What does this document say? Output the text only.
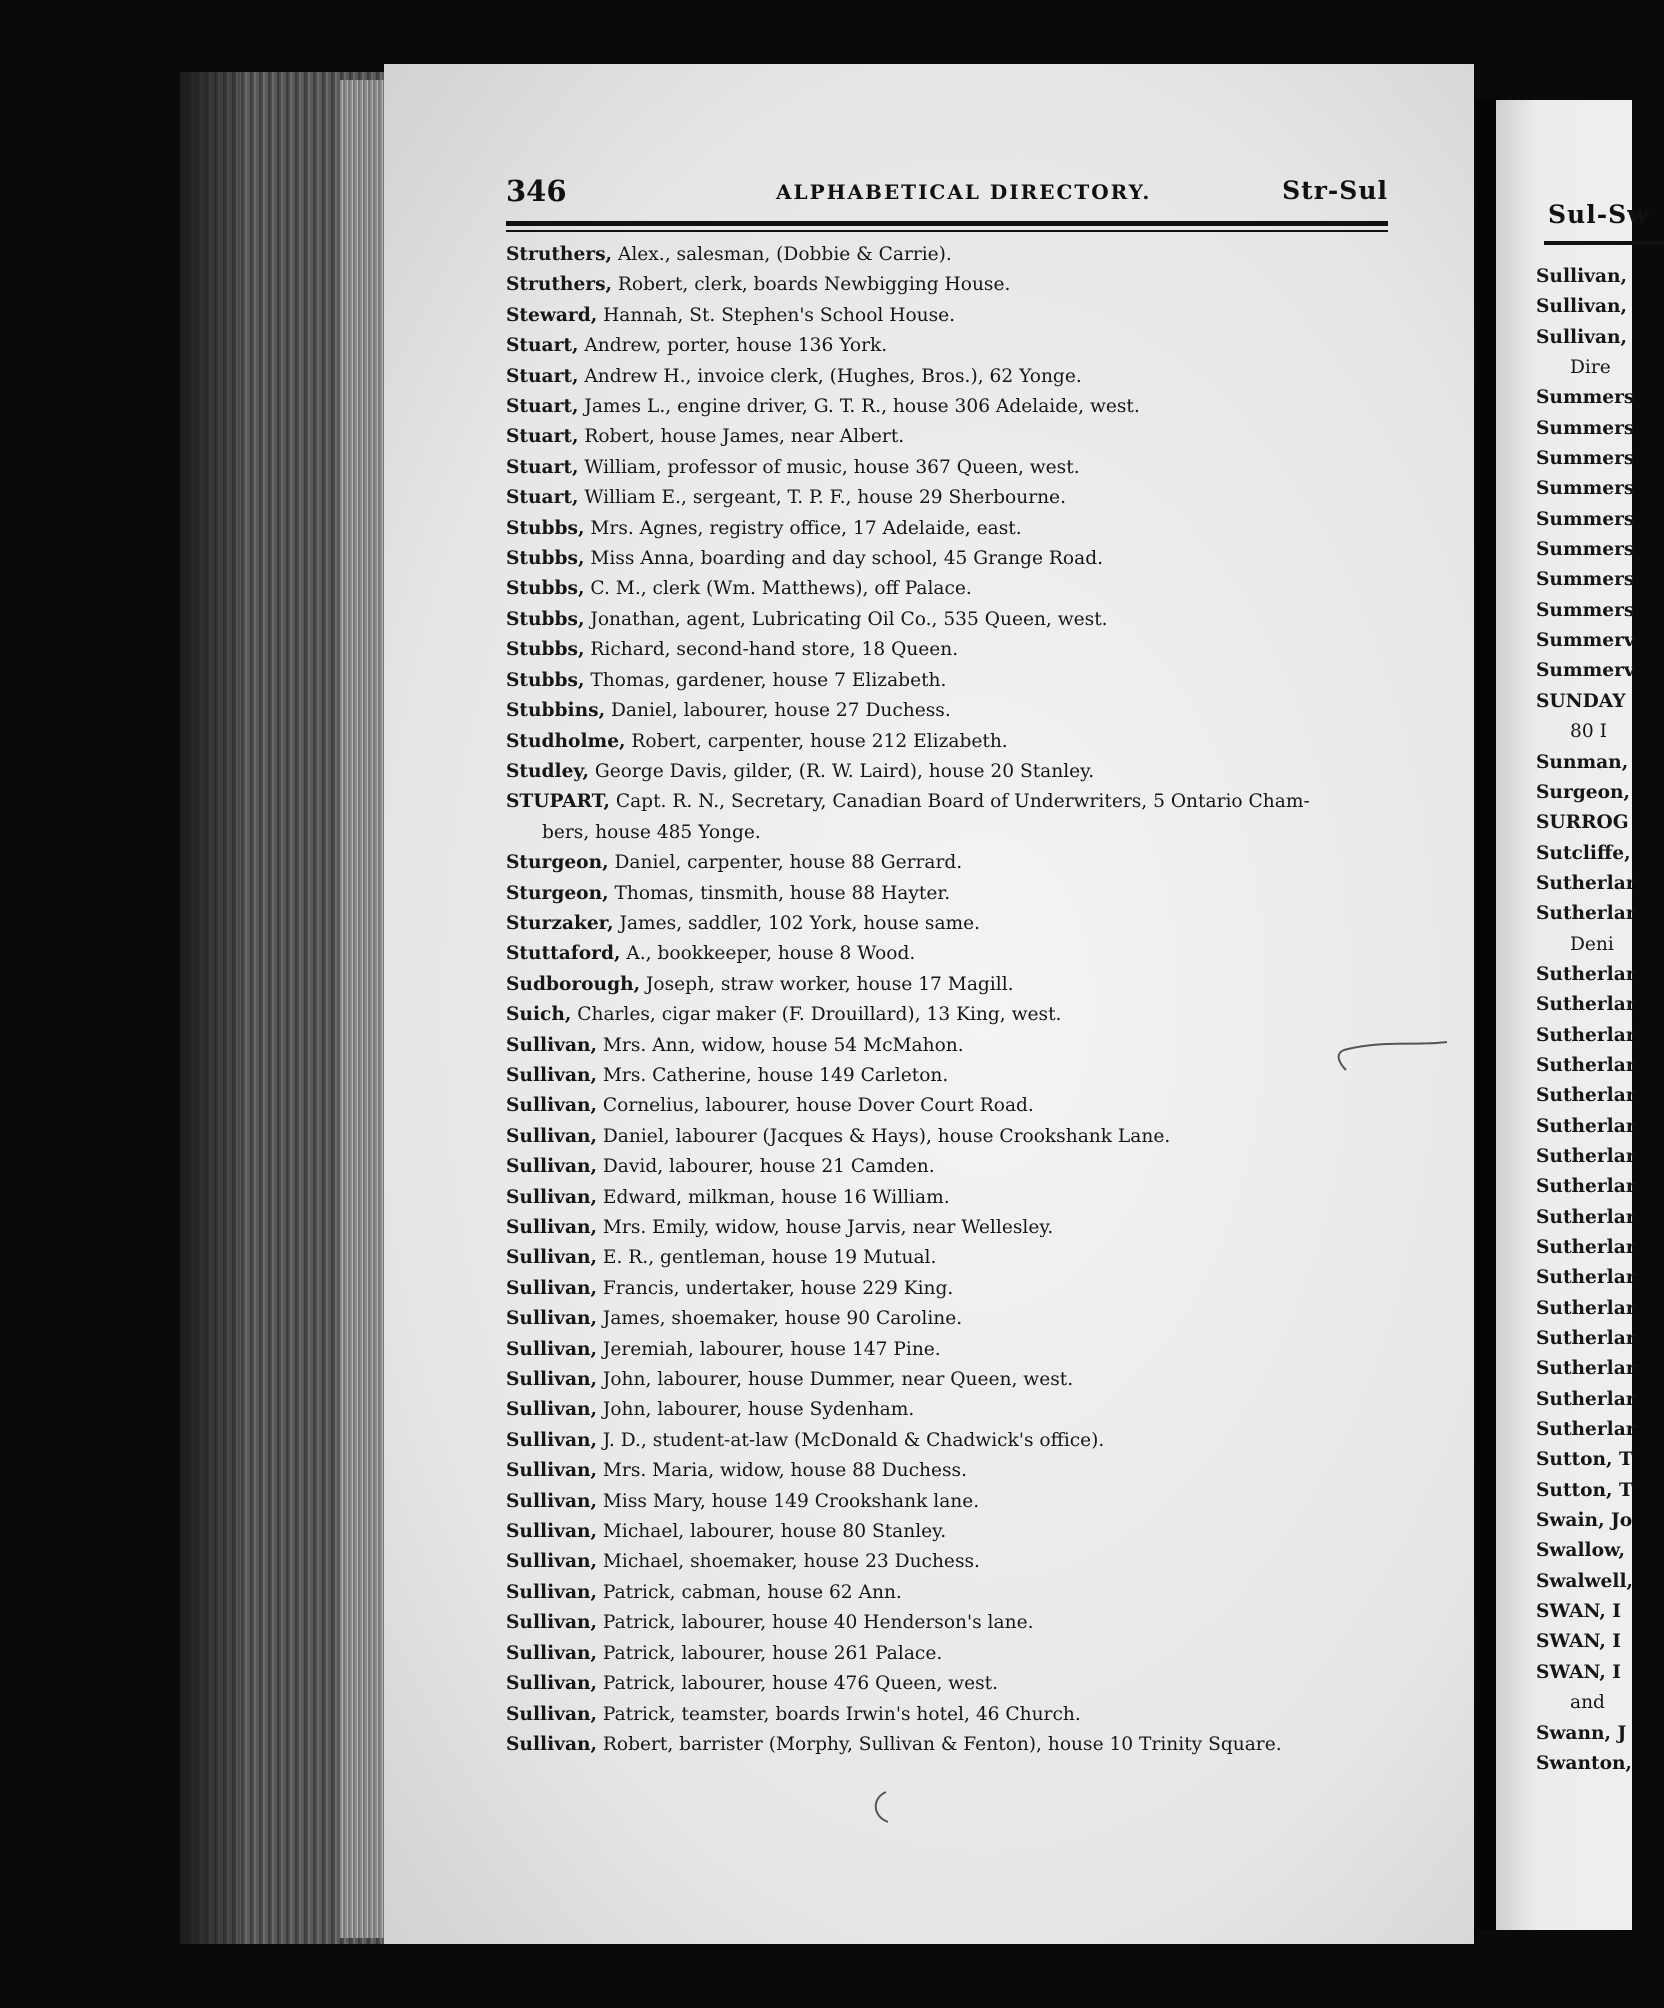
346	ALPHABETICAL DIRECTORY.	Str-Sul
Struthers, Alex., salesman, (Dobbie & Carrie).
Struthers, Robert, clerk, boards Newbigging House.
Steward, Hannah, St. Stephen's School House.
Stuart, Andrew, porter, house 136 York.
Stuart, Andrew H., invoice clerk, (Hughes, Bros.), 62 Yonge.
Stuart, James L., engine driver, G. T. R., house 306 Adelaide, west.
Stuart, Robert, house James, near Albert.
Stuart, William, professor of music, house 367 Queen, west.
Stuart, William E., sergeant, T. P. F., house 29 Sherbourne.
Stubbs, Mrs. Agnes, registry office, 17 Adelaide, east.
Stubbs, Miss Anna, boarding and day school, 45 Grange Road.
Stubbs, C. M., clerk (Wm. Matthews), off Palace.
Stubbs, Jonathan, agent, Lubricating Oil Co., 535 Queen, west.
Stubbs, Richard, second-hand store, 18 Queen.
Stubbs, Thomas, gardener, house 7 Elizabeth.
Stubbins, Daniel, labourer, house 27 Duchess.
Studholme, Robert, carpenter, house 212 Elizabeth.
Studley, George Davis, gilder, (R. W. Laird), house 20 Stanley.
STUPART, Capt. R. N., Secretary, Canadian Board of Underwriters, 5 Ontario Cham-
bers, house 485 Yonge.
Sturgeon, Daniel, carpenter, house 88 Gerrard.
Sturgeon, Thomas, tinsmith, house 88 Hayter.
Sturzaker, James, saddler, 102 York, house same.
Stuttaford, A., bookkeeper, house 8 Wood.
Sudborough, Joseph, straw worker, house 17 Magill.
Suich, Charles, cigar maker (F. Drouillard), 13 King, west.
Sullivan, Mrs. Ann, widow, house 54 McMahon.
Sullivan, Mrs. Catherine, house 149 Carleton.
Sullivan, Cornelius, labourer, house Dover Court Road.
Sullivan, Daniel, labourer (Jacques & Hays), house Crookshank Lane.
Sullivan, David, labourer, house 21 Camden.
Sullivan, Edward, milkman, house 16 William.
Sullivan, Mrs. Emily, widow, house Jarvis, near Wellesley.
Sullivan, E. R., gentleman, house 19 Mutual.
Sullivan, Francis, undertaker, house 229 King.
Sullivan, James, shoemaker, house 90 Caroline.
Sullivan, Jeremiah, labourer, house 147 Pine.
Sullivan, John, labourer, house Dummer, near Queen, west.
Sullivan, John, labourer, house Sydenham.
Sullivan, J. D., student-at-law (McDonald & Chadwick's office).
Sullivan, Mrs. Maria, widow, house 88 Duchess.
Sullivan, Miss Mary, house 149 Crookshank lane.
Sullivan, Michael, labourer, house 80 Stanley.
Sullivan, Michael, shoemaker, house 23 Duchess.
Sullivan, Patrick, cabman, house 62 Ann.
Sullivan, Patrick, labourer, house 40 Henderson's lane.
Sullivan, Patrick, labourer, house 261 Palace.
Sullivan, Patrick, labourer, house 476 Queen, west.
Sullivan, Patrick, teamster, boards Irwin's hotel, 46 Church.
Sullivan, Robert, barrister (Morphy, Sullivan & Fenton), house 10 Trinity Square.
Sul-Sw
Sullivan,
Sullivan,
Sullivan,
Dire
Summers
Summers
Summers
Summers
Summers
Summers
Summers
Summers
Summerv
Summerv
SUNDAY
80 I
Sunman,
Surgeon,
SURROG
Sutcliffe,
Sutherlar
Sutherlar
Deni
Sutherlar
Sutherlar
Sutherlar
Sutherlar
Sutherlar
Sutherlar
Sutherlar
Sutherlar
Sutherlar
Sutherlar
Sutherlar
Sutherlar
Sutherlar
Sutherlar
Sutherlar
Sutherlar
Sutton, T
Sutton, T
Swain, Jo
Swallow,
Swalwell,
SWAN, I
SWAN, I
SWAN, I
and
Swann, J
Swanton,
